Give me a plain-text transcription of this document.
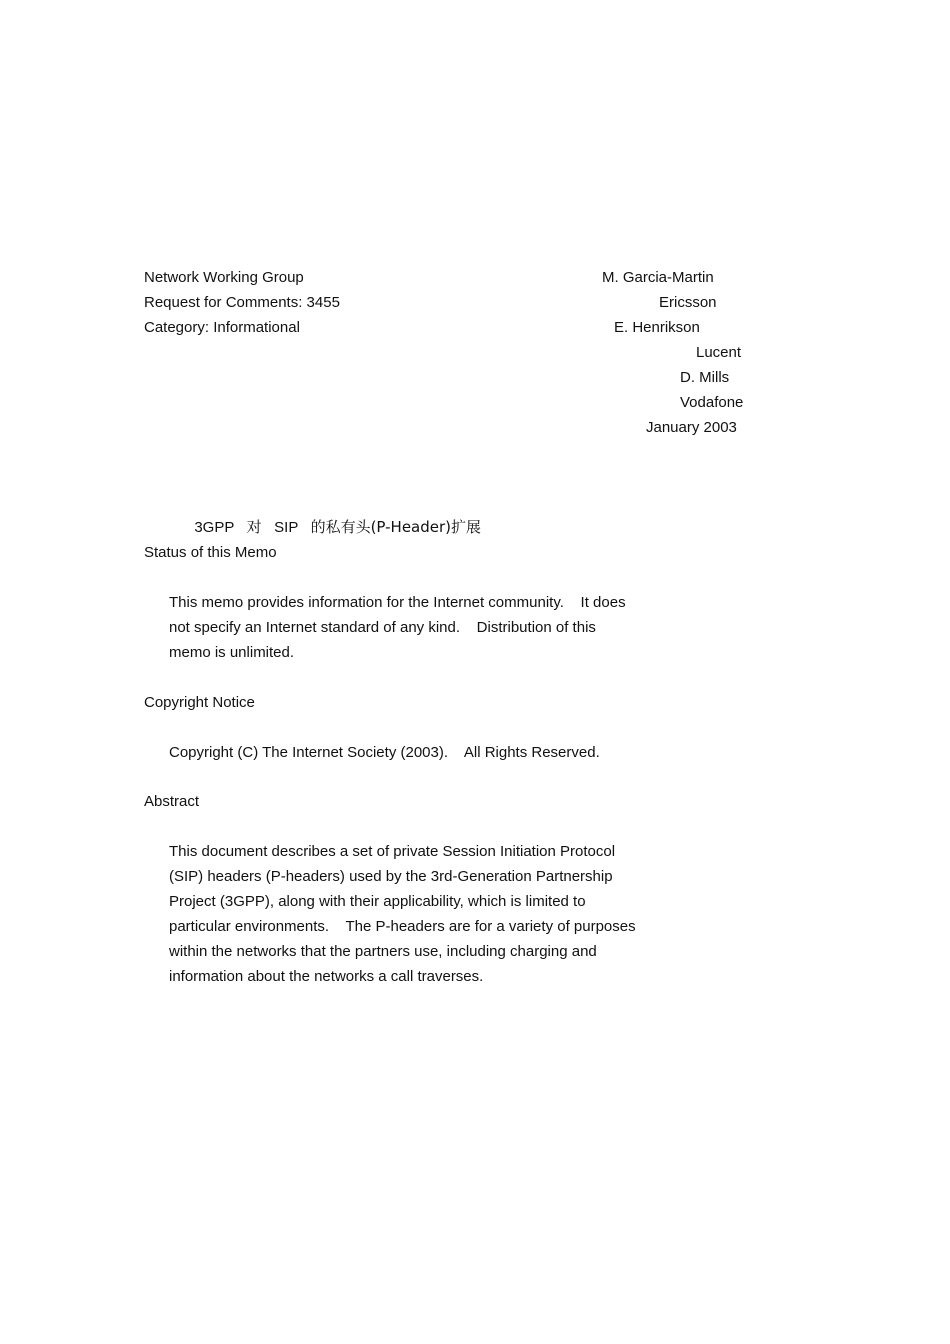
Network Working Group

Request for Comments: 3455

Category: Informational

M. Garcia-Martin

Ericsson

E. Henrikson

Lucent

D. Mills

Vodafone

January 2003

3GPP 对 SIP 的私有头(P-Header)扩展

Status of this Memo

This memo provides information for the Internet community.    It does

not specify an Internet standard of any kind.    Distribution of this

memo is unlimited.

Copyright Notice

Copyright (C) The Internet Society (2003).    All Rights Reserved.

Abstract

This document describes a set of private Session Initiation Protocol

(SIP) headers (P-headers) used by the 3rd-Generation Partnership

Project (3GPP), along with their applicability, which is limited to

particular environments.    The P-headers are for a variety of purposes

within the networks that the partners use, including charging and

information about the networks a call traverses.
